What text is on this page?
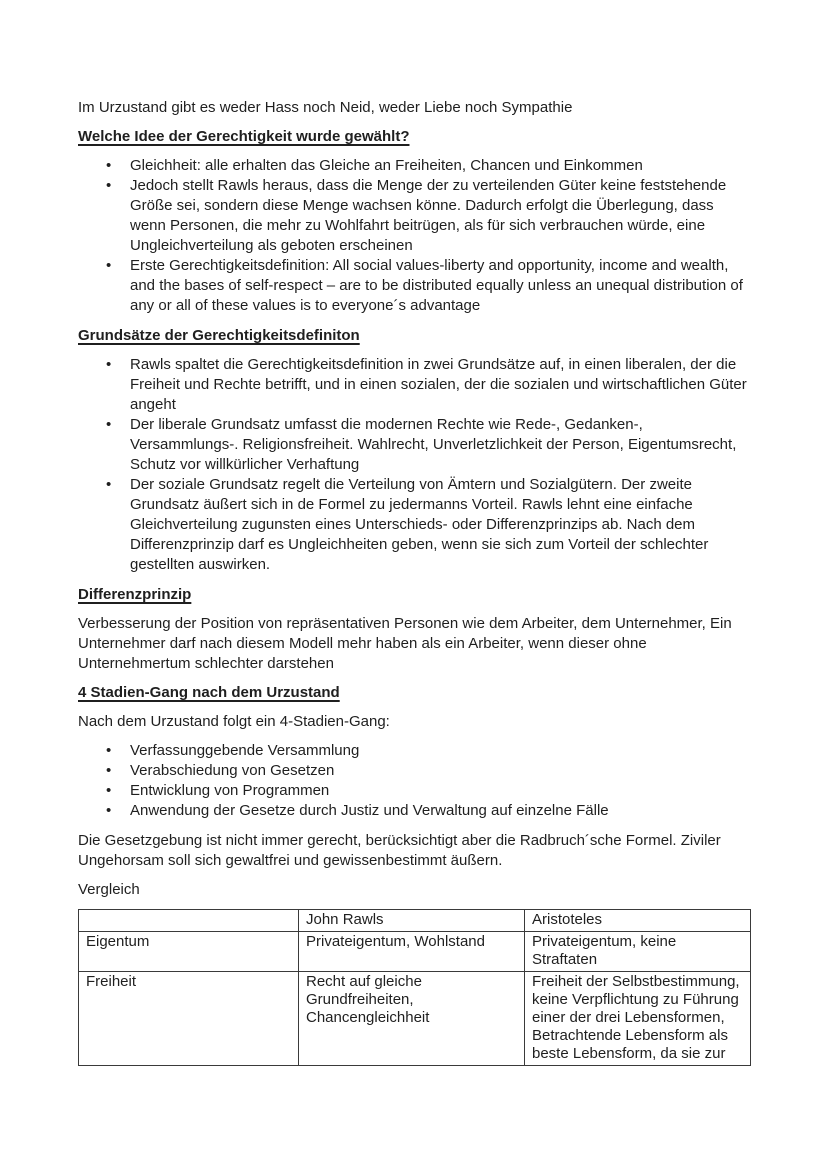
Im Urzustand gibt es weder Hass noch Neid, weder Liebe noch Sympathie

Welche Idee der Gerechtigkeit wurde gewählt?
• Gleichheit: alle erhalten das Gleiche an Freiheiten, Chancen und Einkommen
• Jedoch stellt Rawls heraus, dass die Menge der zu verteilenden Güter keine feststehende Größe sei, sondern diese Menge wachsen könne. Dadurch erfolgt die Überlegung, dass wenn Personen, die mehr zu Wohlfahrt beitrügen, als für sich verbrauchen würde, eine Ungleichverteilung als geboten erscheinen
• Erste Gerechtigkeitsdefinition: All social values-liberty and opportunity, income and wealth, and the bases of self-respect – are to be distributed equally unless an unequal distribution of any or all of these values is to everyone´s advantage
Grundsätze der Gerechtigkeitsdefiniton
• Rawls spaltet die Gerechtigkeitsdefinition in zwei Grundsätze auf, in einen liberalen, der die Freiheit und Rechte betrifft, und in einen sozialen, der die sozialen und wirtschaftlichen Güter angeht
• Der liberale Grundsatz umfasst die modernen Rechte wie Rede-, Gedanken-, Versammlungs-. Religionsfreiheit. Wahlrecht, Unverletzlichkeit der Person, Eigentumsrecht, Schutz vor willkürlicher Verhaftung
• Der soziale Grundsatz regelt die Verteilung von Ämtern und Sozialgütern. Der zweite Grundsatz äußert sich in de Formel zu jedermanns Vorteil. Rawls lehnt eine einfache Gleichverteilung zugunsten eines Unterschieds- oder Differenzprinzips ab. Nach dem Differenzprinzip darf es Ungleichheiten geben, wenn sie sich zum Vorteil der schlechter gestellten auswirken.
Differenzprinzip

Verbesserung der Position von repräsentativen Personen wie dem Arbeiter, dem Unternehmer, Ein Unternehmer darf nach diesem Modell mehr haben als ein Arbeiter, wenn dieser ohne Unternehmertum schlechter darstehen

4 Stadien-Gang nach dem Urzustand

Nach dem Urzustand folgt ein 4-Stadien-Gang:

• Verfassunggebende Versammlung
• Verabschiedung von Gesetzen
• Entwicklung von Programmen
• Anwendung der Gesetze durch Justiz und Verwaltung auf einzelne Fälle

Die Gesetzgebung ist nicht immer gerecht, berücksichtigt aber die Radbruch´sche Formel. Ziviler Ungehorsam soll sich gewaltfrei und gewissenbestimmt äußern.

Vergleich

	John Rawls	Aristoteles
Eigentum	Privateigentum, Wohlstand	Privateigentum, keine Straftaten
Freiheit	Recht auf gleiche Grundfreiheiten, Chancengleichheit	Freiheit der Selbstbestimmung, keine Verpflichtung zu Führung einer der drei Lebensformen, Betrachtende Lebensform als beste Lebensform, da sie zur
